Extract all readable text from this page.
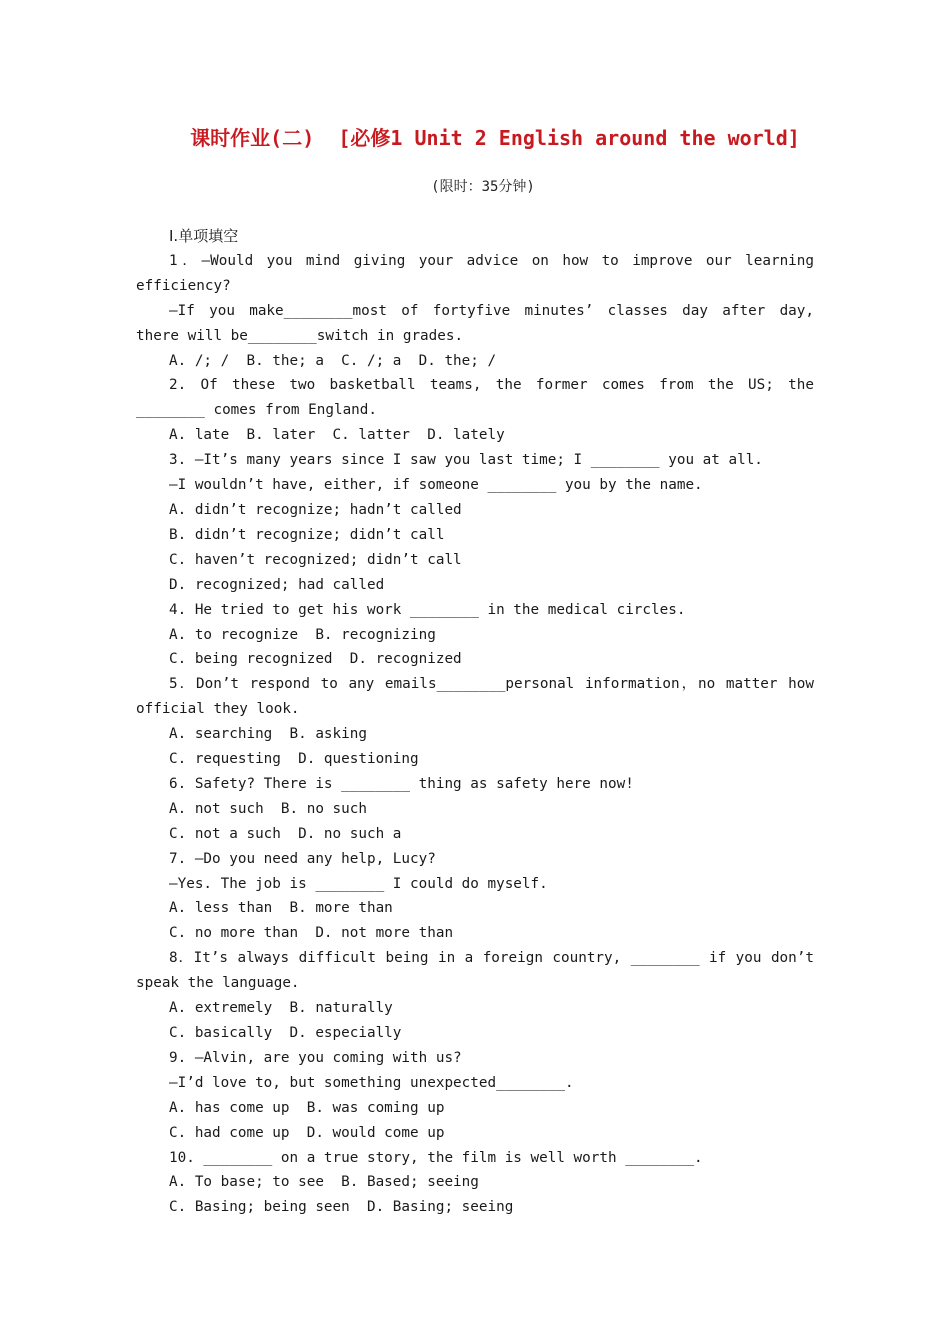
课时作业(二) [必修1 Unit 2 English around the world]
(限时：35分钟)
Ⅰ.单项填空

1．—Would you mind giving your advice on how to improve our learning efficiency?

—If you make________most of fortyfive minutes’ classes day after day, there will be________switch in grades.

A. /; /  B. the; a  C. /; a  D. the; /

2. Of these two basketball teams, the former comes from the US; the ________ comes from England.

A. late  B. later  C. latter  D. lately

3. —It’s many years since I saw you last time; I ________ you at all.

—I wouldn’t have, either, if someone ________ you by the name.

A. didn’t recognize; hadn’t called

B. didn’t recognize; didn’t call

C. haven’t recognized; didn’t call

D. recognized; had called

4. He tried to get his work ________ in the medical circles.

A. to recognize  B. recognizing

C. being recognized  D. recognized

5．Don’t respond to any emails________personal information，no matter how official they look.

A. searching  B. asking

C. requesting  D. questioning

6. Safety? There is ________ thing as safety here now!

A. not such  B. no such

C. not a such  D. no such a

7. —Do you need any help, Lucy?

—Yes. The job is ________ I could do myself.

A. less than  B. more than

C. no more than  D. not more than

8．It’s always difficult being in a foreign country, ________ if you don’t speak the language.

A. extremely  B. naturally

C. basically  D. especially

9. —Alvin, are you coming with us?

—I’d love to, but something unexpected________.

A. has come up  B. was coming up

C. had come up  D. would come up

10. ________ on a true story, the film is well worth ________.

A. To base; to see  B. Based; seeing

C. Basing; being seen  D. Basing; seeing
